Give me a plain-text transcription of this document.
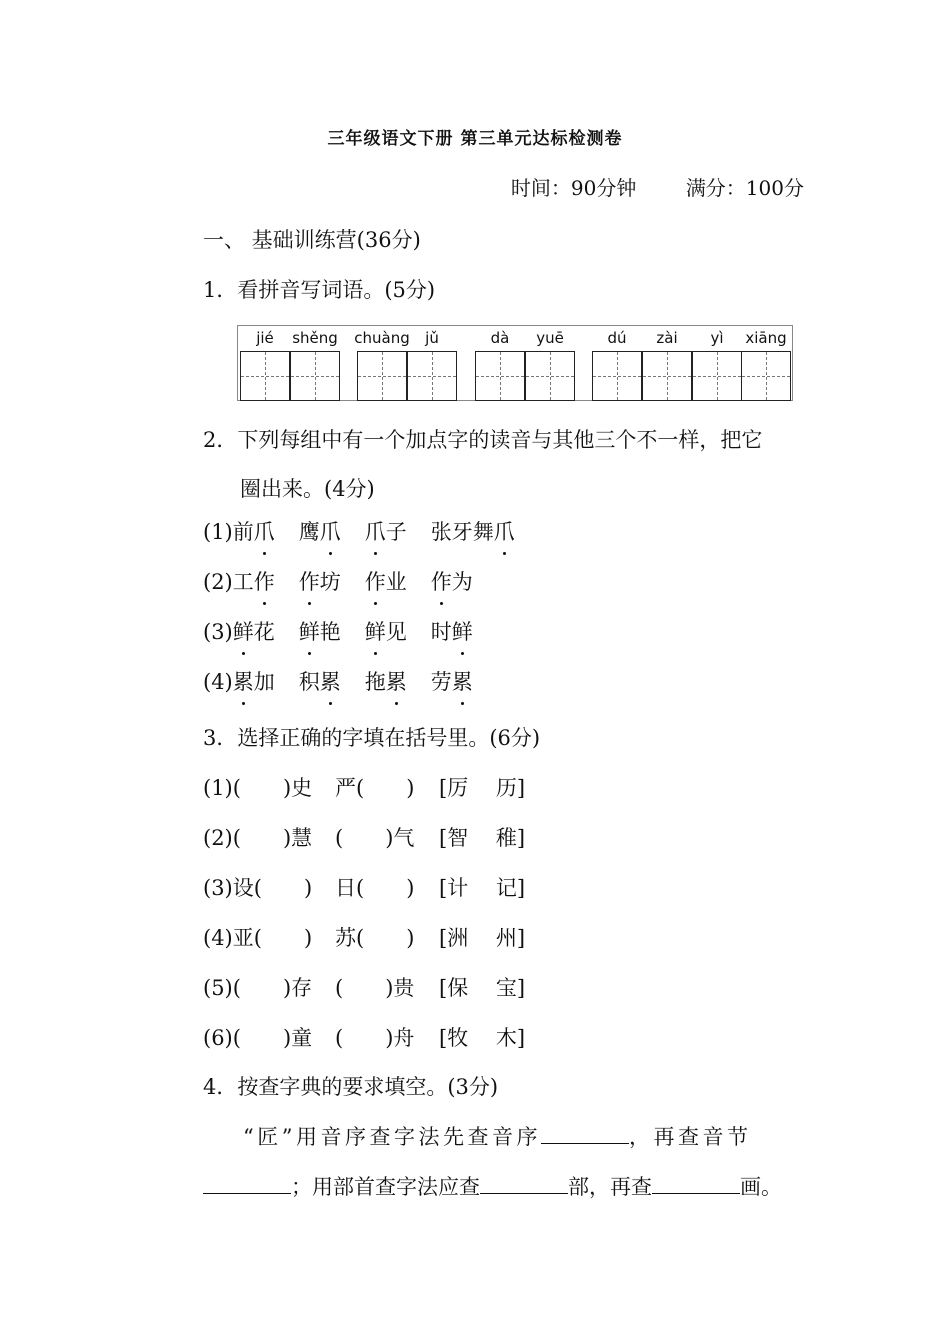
三年级语文下册 第三单元达标检测卷
时间：90分钟 满分：100分
一、 基础训练营(36分)
1．看拼音写词语。(5分)
jié	shěng chuàng	jǔ	dà	yuē	dú	zài	yì	xiāng
2．下列每组中有一个加点字的读音与其他三个不一样，把它
圈出来。(4分)
(1)前爪 鹰爪 爪子 张牙舞爪
(2)工作 作坊 作业 作为
(3)鲜花 鲜艳 鲜见 时鲜
(4)累加 积累 拖累 劳累
3．选择正确的字填在括号里。(6分)
(1)(　　)史 严(　　) [厉　 历]
(2)(　　)慧 (　　)气 [智　 稚]
(3)设(　　) 日(　　) [计　 记]
(4)亚(　　) 苏(　　) [洲　 州]
(5)(　　)存 (　　)贵 [保　 宝]
(6)(　　)童 (　　)舟 [牧　 木]
4．按查字典的要求填空。(3分)
“匠”用音序查字法先查音序	，再查音节
；用部首查字法应查	部，再查	画。
